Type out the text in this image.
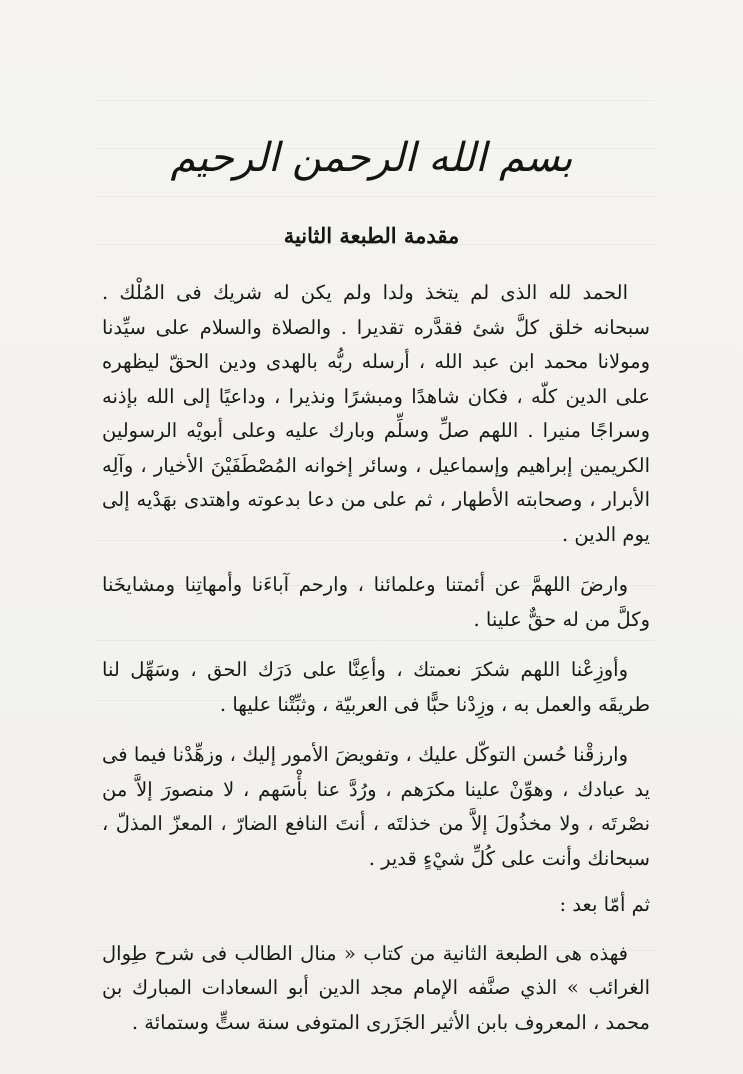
بسم الله الرحمن الرحيم
مقدمة الطبعة الثانية

الحمد لله الذى لم يتخذ ولدا ولم يكن له شريك فى المُلْك . سبحانه خلق كلَّ شئ فقدَّره تقديرا . والصلاة والسلام على سيِّدنا ومولانا محمد ابن عبد الله ، أرسله ربُّه بالهدى ودين الحقّ ليظهره على الدين كلّه ، فكان شاهدًا ومبشرًا ونذيرا ، وداعيًا إلى الله بإذنه وسراجًا منيرا . اللهم صلِّ وسلِّم وبارك عليه وعلى أبويْه الرسولين الكريمين إبراهيم وإسماعيل ، وسائر إخوانه المُصْطَفَيْنَ الأخيار ، وآلِه الأبرار ، وصحابته الأطهار ، ثم على من دعا بدعوته واهتدى بهَدْيه إلى يوم الدين .

وارضَ اللهمَّ عن أئمتنا وعلمائنا ، وارحم آباءَنا وأمهاتِنا ومشايخَنا وكلَّ من له حقٌّ علينا .

وأوزِعْنا اللهم شكرَ نعمتك ، وأعِنَّا على دَرَك الحق ، وسَهِّل لنا طريقَه والعمل به ، وزِدْنا حبًّا فى العربيّة ، وثبِّتْنا عليها .

وارزقْنا حُسن التوكّل عليك ، وتفويضَ الأمور إليك ، وزهِّدْنا فيما فى يد عبادك ، وهوِّنْ علينا مكرَهم ، ورُدَّ عنا بأْسَهم ، لا منصورَ إلاَّ من نصْرتَه ، ولا مخذُولَ إلاَّ من خذلتَه ، أنتَ النافع الضارّ ، المعزّ المذلّ ، سبحانك وأنت على كُلِّ شيْءٍ قدير .

ثم أمّا بعد :

فهذه هى الطبعة الثانية من كتاب « منال الطالب فى شرح طِوال الغرائب » الذي صنَّفه الإمام مجد الدين أبو السعادات المبارك بن محمد ، المعروف بابن الأثير الجَزَرى المتوفى سنة ستٍّ وستمائة .
